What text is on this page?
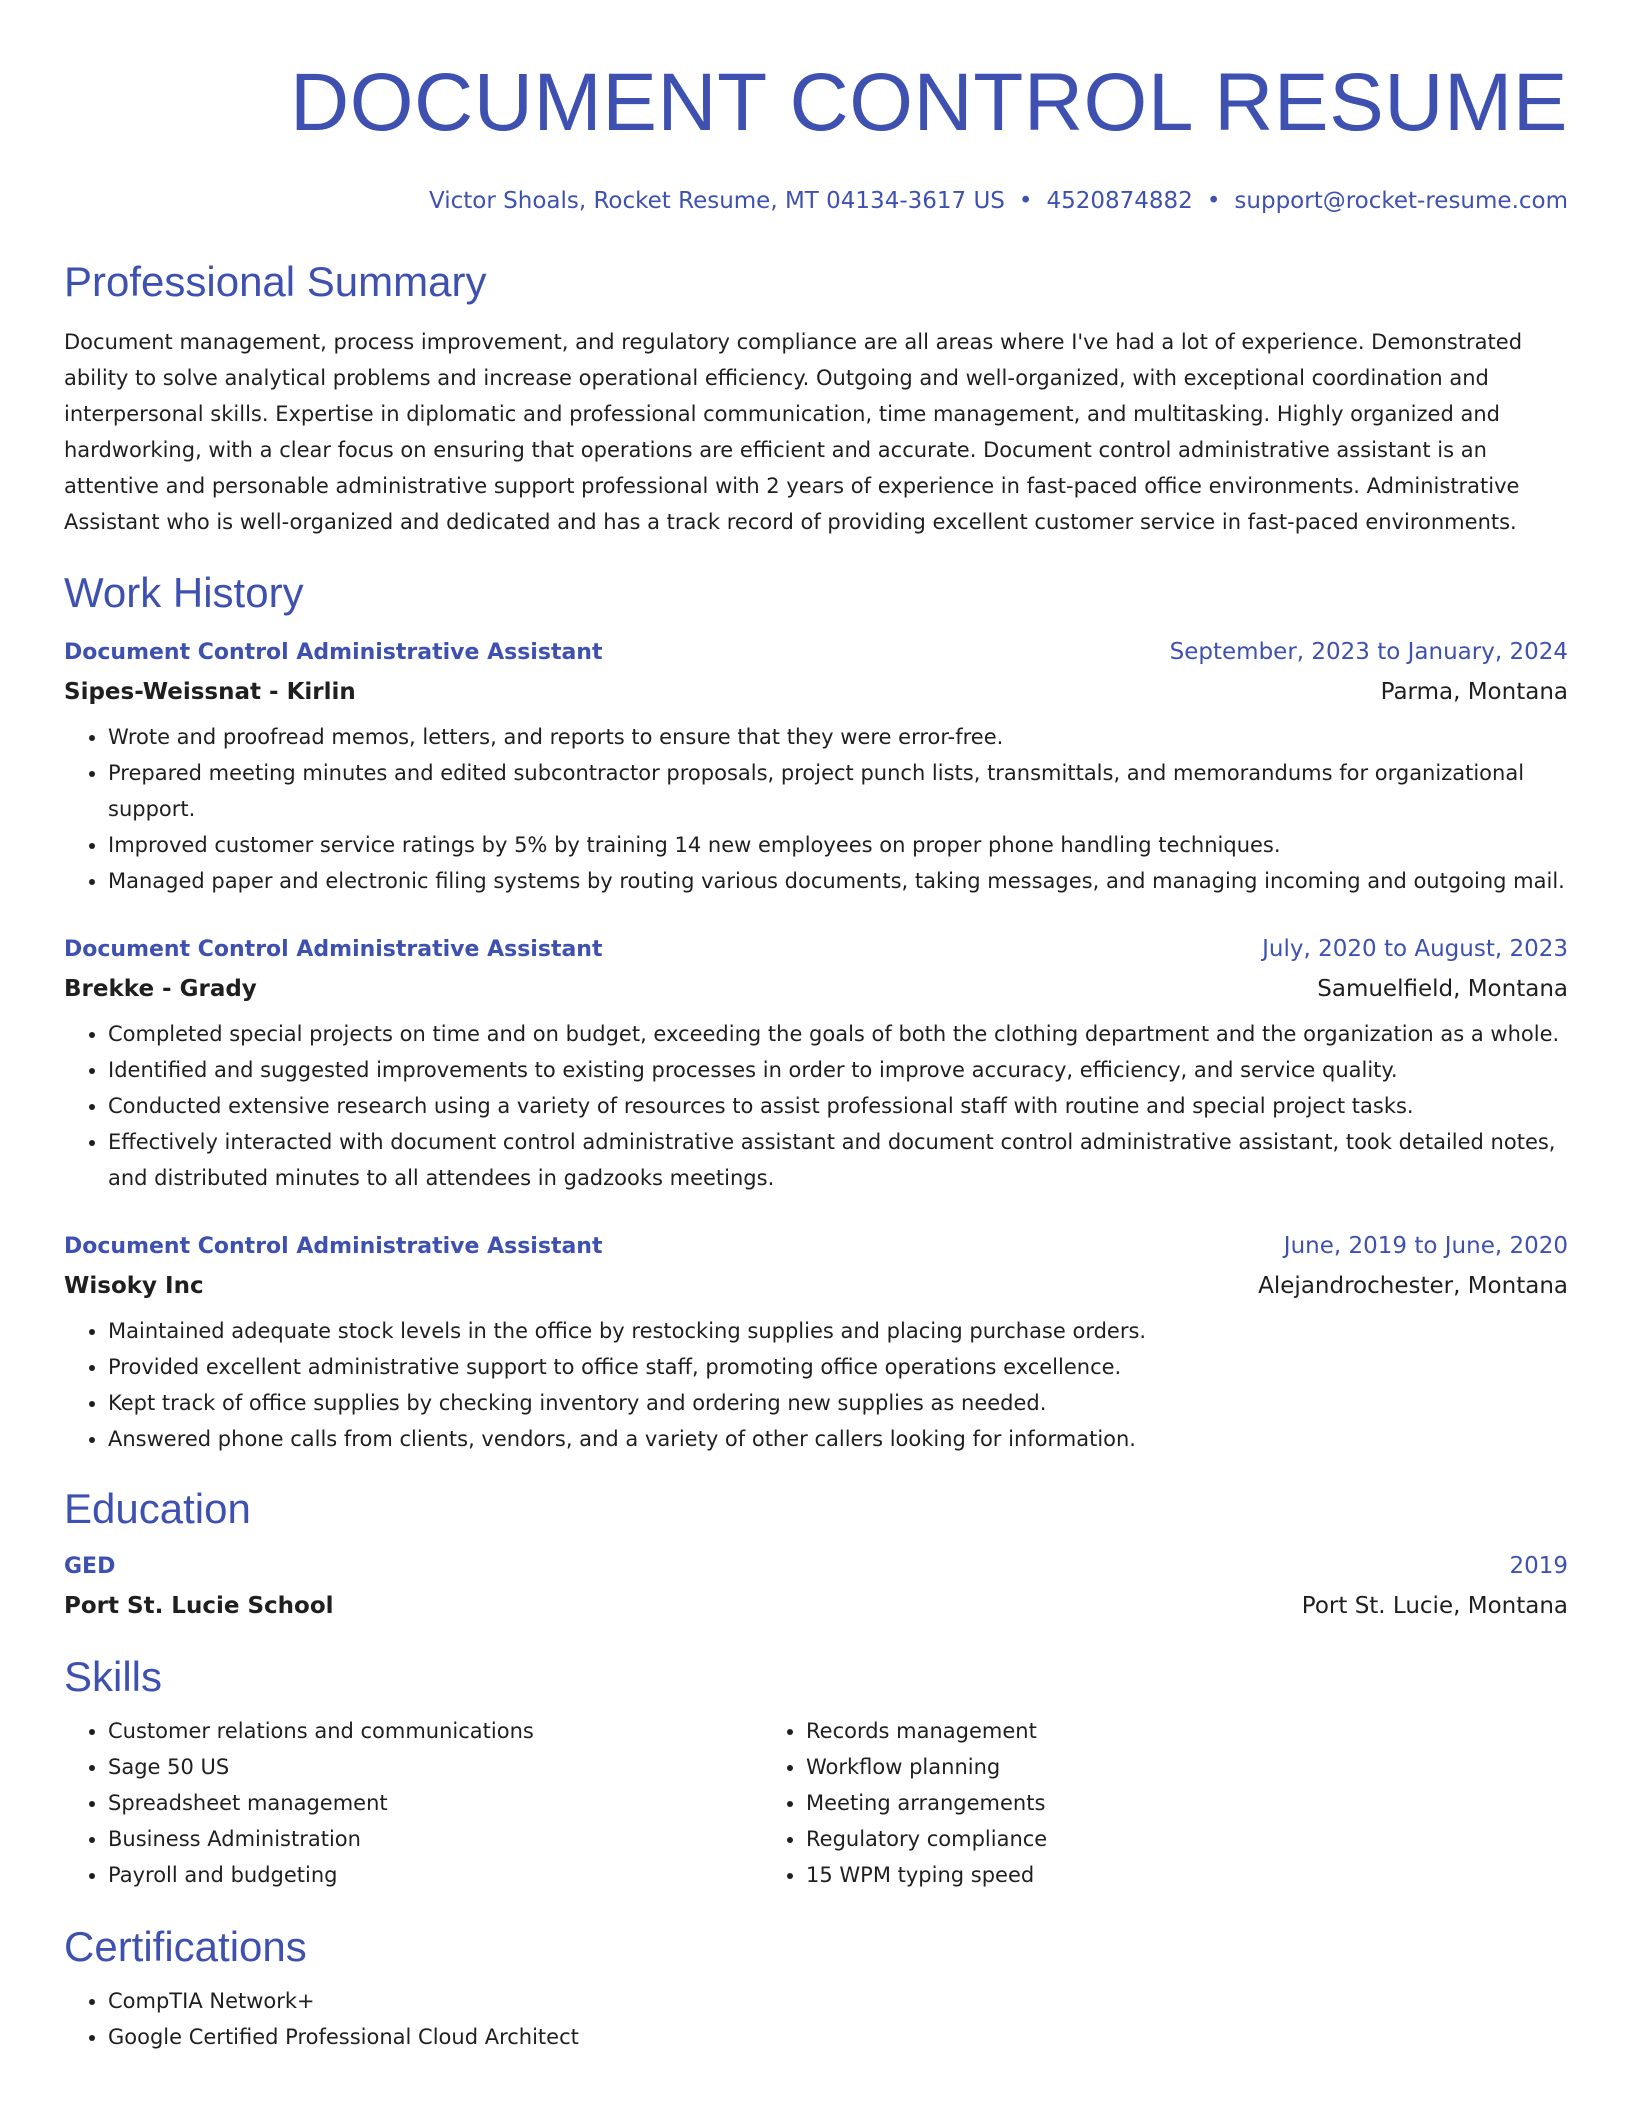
DOCUMENT CONTROL RESUME
Victor Shoals, Rocket Resume, MT 04134-3617 US • 4520874882 • support@rocket-resume.com
Professional Summary
Document management, process improvement, and regulatory compliance are all areas where I've had a lot of experience. Demonstrated ability to solve analytical problems and increase operational efficiency. Outgoing and well-organized, with exceptional coordination and interpersonal skills. Expertise in diplomatic and professional communication, time management, and multitasking. Highly organized and hardworking, with a clear focus on ensuring that operations are efficient and accurate. Document control administrative assistant is an attentive and personable administrative support professional with 2 years of experience in fast-paced office environments. Administrative Assistant who is well-organized and dedicated and has a track record of providing excellent customer service in fast-paced environments.
Work History
Document Control Administrative Assistant	September, 2023 to January, 2024
Sipes-Weissnat - Kirlin	Parma, Montana
• Wrote and proofread memos, letters, and reports to ensure that they were error-free.
• Prepared meeting minutes and edited subcontractor proposals, project punch lists, transmittals, and memorandums for organizational support.
• Improved customer service ratings by 5% by training 14 new employees on proper phone handling techniques.
• Managed paper and electronic filing systems by routing various documents, taking messages, and managing incoming and outgoing mail.
Document Control Administrative Assistant	July, 2020 to August, 2023
Brekke - Grady	Samuelfield, Montana
• Completed special projects on time and on budget, exceeding the goals of both the clothing department and the organization as a whole.
• Identified and suggested improvements to existing processes in order to improve accuracy, efficiency, and service quality.
• Conducted extensive research using a variety of resources to assist professional staff with routine and special project tasks.
• Effectively interacted with document control administrative assistant and document control administrative assistant, took detailed notes, and distributed minutes to all attendees in gadzooks meetings.
Document Control Administrative Assistant	June, 2019 to June, 2020
Wisoky Inc	Alejandrochester, Montana
• Maintained adequate stock levels in the office by restocking supplies and placing purchase orders.
• Provided excellent administrative support to office staff, promoting office operations excellence.
• Kept track of office supplies by checking inventory and ordering new supplies as needed.
• Answered phone calls from clients, vendors, and a variety of other callers looking for information.
Education
GED	2019
Port St. Lucie School	Port St. Lucie, Montana
Skills
• Customer relations and communications
• Sage 50 US
• Spreadsheet management
• Business Administration
• Payroll and budgeting
• Records management
• Workflow planning
• Meeting arrangements
• Regulatory compliance
• 15 WPM typing speed
Certifications
• CompTIA Network+
• Google Certified Professional Cloud Architect
